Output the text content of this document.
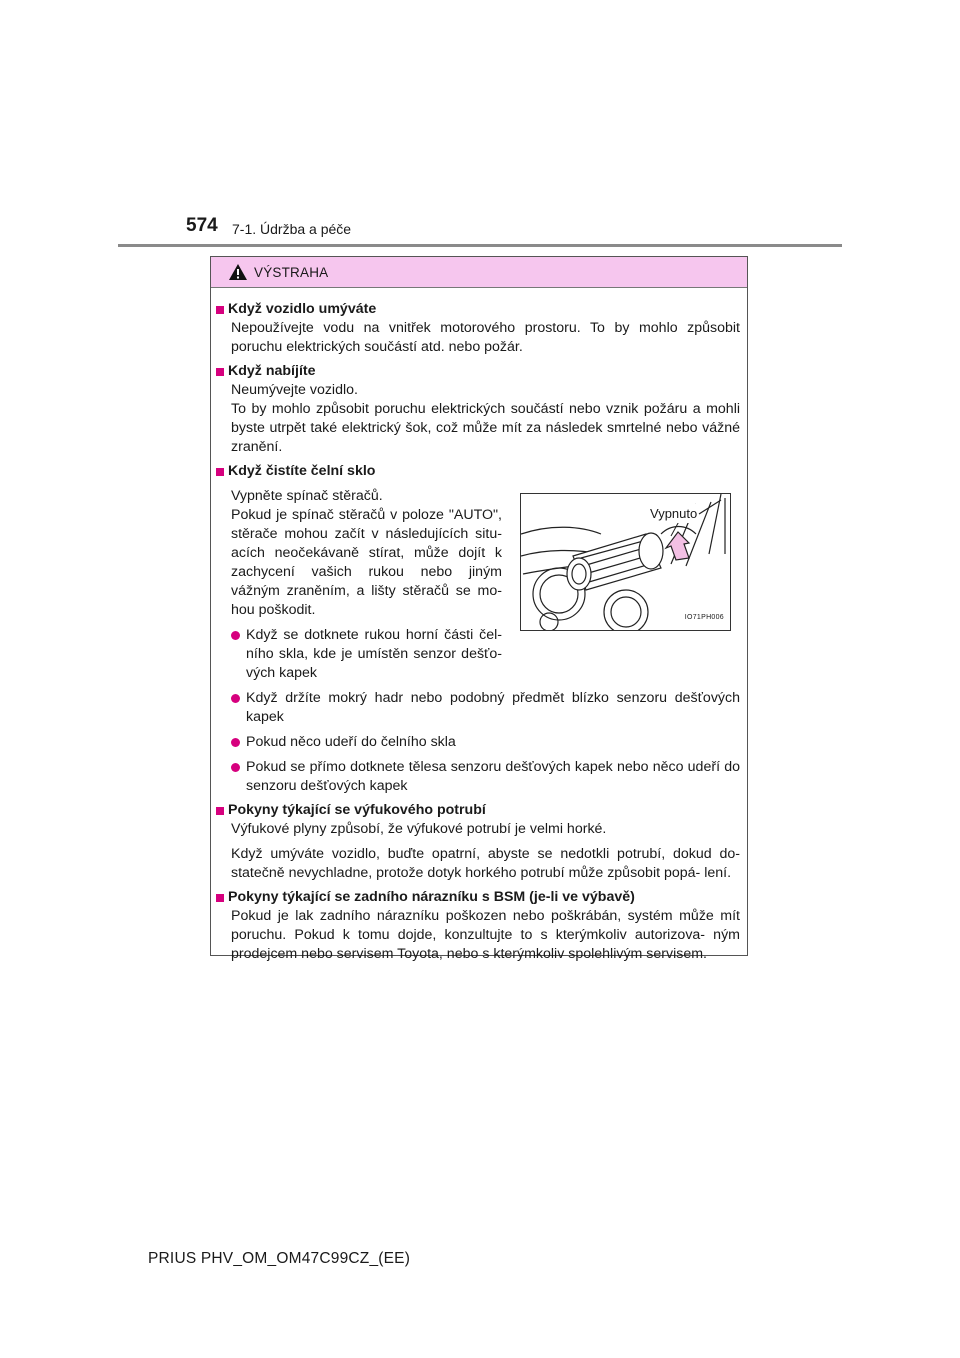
574 7-1. Údržba a péče
VÝSTRAHA
Když vozidlo umýváte
Nepoužívejte vodu na vnitřek motorového prostoru. To by mohlo způsobit poruchu elektrických součástí atd. nebo požár.
Když nabíjíte
Neumývejte vozidlo.
To by mohlo způsobit poruchu elektrických součástí nebo vznik požáru a mohli byste utrpět také elektrický šok, což může mít za následek smrtelné nebo vážné zranění.
Když čistíte čelní sklo
Vypněte spínač stěračů.
Pokud je spínač stěračů v poloze "AUTO", stěrače mohou začít v následujících situ- acích neočekávaně stírat, může dojít k zachycení vašich rukou nebo jiným vážným zraněním, a lišty stěračů se mo- hou poškodit.
Když se dotknete rukou horní části čel- ního skla, kde je umístěn senzor dešťo- vých kapek
Vypnuto
IO71PH006
Když držíte mokrý hadr nebo podobný předmět blízko senzoru dešťových kapek
Pokud něco udeří do čelního skla
Pokud se přímo dotknete tělesa senzoru dešťových kapek nebo něco udeří do senzoru dešťových kapek
Pokyny týkající se výfukového potrubí
Výfukové plyny způsobí, že výfukové potrubí je velmi horké.
Když umýváte vozidlo, buďte opatrní, abyste se nedotkli potrubí, dokud do- statečně nevychladne, protože dotyk horkého potrubí může způsobit popá- lení.
Pokyny týkající se zadního nárazníku s BSM (je-li ve výbavě)
Pokud je lak zadního nárazníku poškozen nebo poškrábán, systém může mít poruchu. Pokud k tomu dojde, konzultujte to s kterýmkoliv autorizova- ným prodejcem nebo servisem Toyota, nebo s kterýmkoliv spolehlivým servisem.
PRIUS PHV_OM_OM47C99CZ_(EE)
